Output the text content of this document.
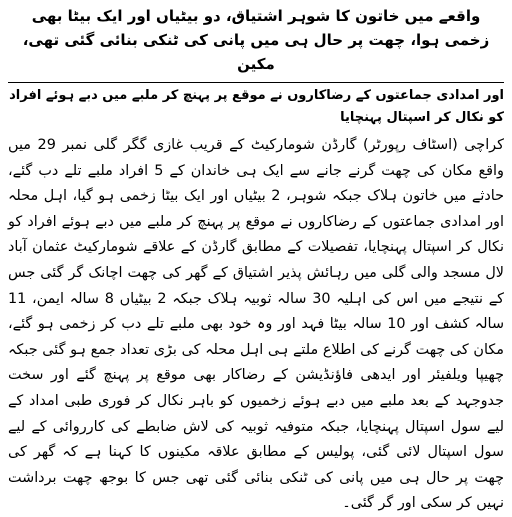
واقعے میں خاتون کا شوہر اشتیاق، دو بیٹیاں اور ایک بیٹا بھی زخمی ہوا، چھت پر حال ہی میں پانی کی ٹنکی بنائی گئی تھی، مکین

اور امدادی جماعتوں کے رضاکاروں نے موقع پر پہنچ کر ملبے میں دبے ہوئے افراد کو نکال کر اسپتال پہنچایا

کراچی (اسٹاف رپورٹر) گارڈن شومارکیٹ کے قریب غازی گگر گلی نمبر 29 میں واقع مکان کی چھت گرنے جانے سے ایک ہی خاندان کے 5 افراد ملبے تلے دب گئے، حادثے میں خاتون ہلاک جبکہ شوہر، 2 بیٹیاں اور ایک بیٹا زخمی ہو گیا، اہل محلہ اور امدادی جماعتوں کے رضاکاروں نے موقع پر پہنچ کر ملبے میں دبے ہوئے افراد کو نکال کر اسپتال پہنچایا، تفصیلات کے مطابق گارڈن کے علاقے شومارکیٹ عثمان آباد لال مسجد والی گلی میں رہائش پذیر اشتیاق کے گھر کی چھت اچانک گر گئی جس کے نتیجے میں اس کی اہلیہ 30 سالہ ثوبیہ ہلاک جبکہ 2 بیٹیاں 8 سالہ ایمن، 11 سالہ کشف اور 10 سالہ بیٹا فہد اور وہ خود بھی ملبے تلے دب کر زخمی ہو گئے، مکان کی چھت گرنے کی اطلاع ملتے ہی اہل محلہ کی بڑی تعداد جمع ہو گئی جبکہ چھیپا ویلفیئر اور ایدھی فاؤنڈیشن کے رضاکار بھی موقع پر پہنچ گئے اور سخت جدوجہد کے بعد ملبے میں دبے ہوئے زخمیوں کو باہر نکال کر فوری طبی امداد کے لیے سول اسپتال پہنچایا، جبکہ متوفیہ ثوبیہ کی لاش ضابطے کی کارروائی کے لیے سول اسپتال لائی گئی، پولیس کے مطابق علاقہ مکینوں کا کہنا ہے کہ گھر کی چھت پر حال ہی میں پانی کی ٹنکی بنائی گئی تھی جس کا بوجھ چھت برداشت نہیں کر سکی اور گر گئی۔
